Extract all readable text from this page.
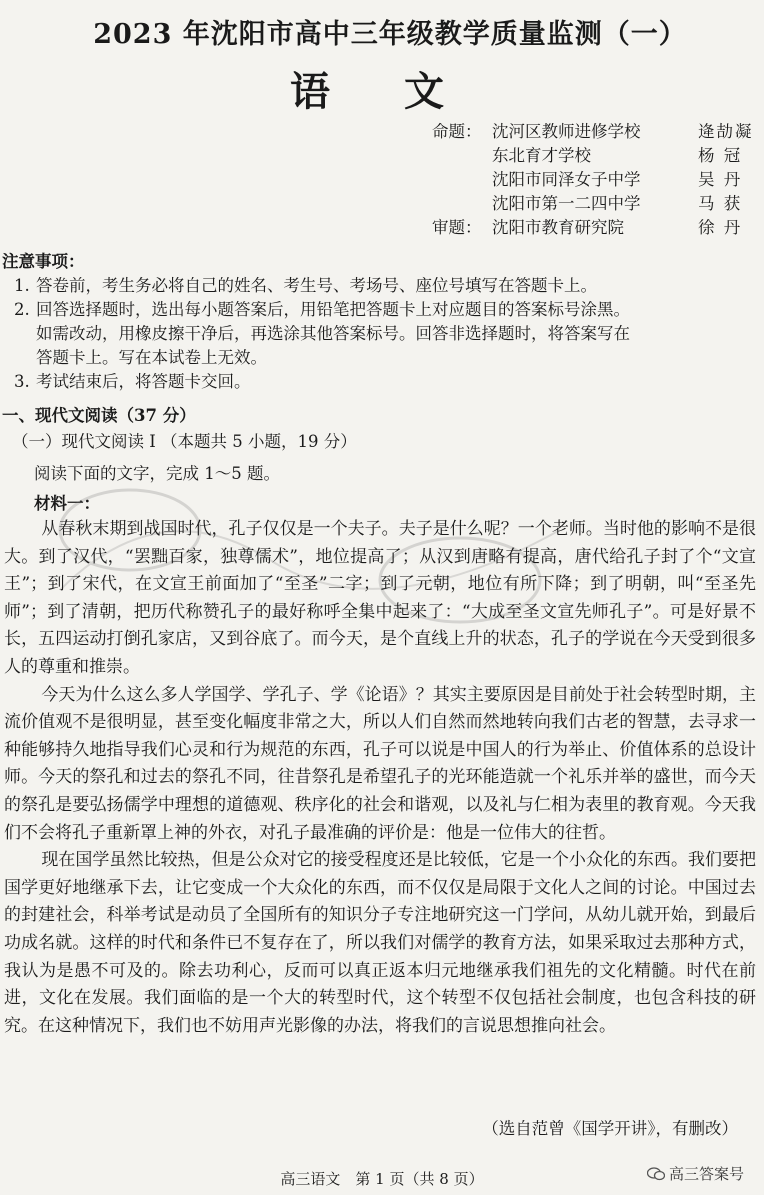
2023 年沈阳市高中三年级教学质量监测（一）
语 文
命题： 沈河区教师进修学校	逄劼凝
东北育才学校	杨 冠
沈阳市同泽女子中学	吴 丹
沈阳市第一二四中学	马 获
审题： 沈阳市教育研究院	徐 丹
注意事项：
1. 答卷前，考生务必将自己的姓名、考生号、考场号、座位号填写在答题卡上。
2. 回答选择题时，选出每小题答案后，用铅笔把答题卡上对应题目的答案标号涂黑。
如需改动，用橡皮擦干净后，再选涂其他答案标号。回答非选择题时，将答案写在
答题卡上。写在本试卷上无效。
3. 考试结束后，将答题卡交回。
一、现代文阅读（37 分）
（一）现代文阅读 I （本题共 5 小题，19 分）
阅读下面的文字，完成 1～5 题。
材料一：

从春秋末期到战国时代，孔子仅仅是一个夫子。夫子是什么呢？一个老师。当时他的影响不是很大。到了汉代，“罢黜百家，独尊儒术”，地位提高了；从汉到唐略有提高，唐代给孔子封了个“文宣王”；到了宋代，在文宣王前面加了“至圣”二字；到了元朝，地位有所下降；到了明朝，叫“至圣先师”；到了清朝，把历代称赞孔子的最好称呼全集中起来了：“大成至圣文宣先师孔子”。可是好景不长，五四运动打倒孔家店，又到谷底了。而今天，是个直线上升的状态，孔子的学说在今天受到很多人的尊重和推崇。

今天为什么这么多人学国学、学孔子、学《论语》？其实主要原因是目前处于社会转型时期，主流价值观不是很明显，甚至变化幅度非常之大，所以人们自然而然地转向我们古老的智慧，去寻求一种能够持久地指导我们心灵和行为规范的东西，孔子可以说是中国人的行为举止、价值体系的总设计师。今天的祭孔和过去的祭孔不同，往昔祭孔是希望孔子的光环能造就一个礼乐并举的盛世，而今天的祭孔是要弘扬儒学中理想的道德观、秩序化的社会和谐观，以及礼与仁相为表里的教育观。今天我们不会将孔子重新罩上神的外衣，对孔子最准确的评价是：他是一位伟大的往哲。

现在国学虽然比较热，但是公众对它的接受程度还是比较低，它是一个小众化的东西。我们要把国学更好地继承下去，让它变成一个大众化的东西，而不仅仅是局限于文化人之间的讨论。中国过去的封建社会，科举考试是动员了全国所有的知识分子专注地研究这一门学问，从幼儿就开始，到最后功成名就。这样的时代和条件已不复存在了，所以我们对儒学的教育方法，如果采取过去那种方式，我认为是愚不可及的。除去功利心，反而可以真正返本归元地继承我们祖先的文化精髓。时代在前进，文化在发展。我们面临的是一个大的转型时代，这个转型不仅包括社会制度，也包含科技的研究。在这种情况下，我们也不妨用声光影像的办法，将我们的言说思想推向社会。

（选自范曾《国学开讲》，有删改）
高三语文　第 1 页（共 8 页）	高三答案号
